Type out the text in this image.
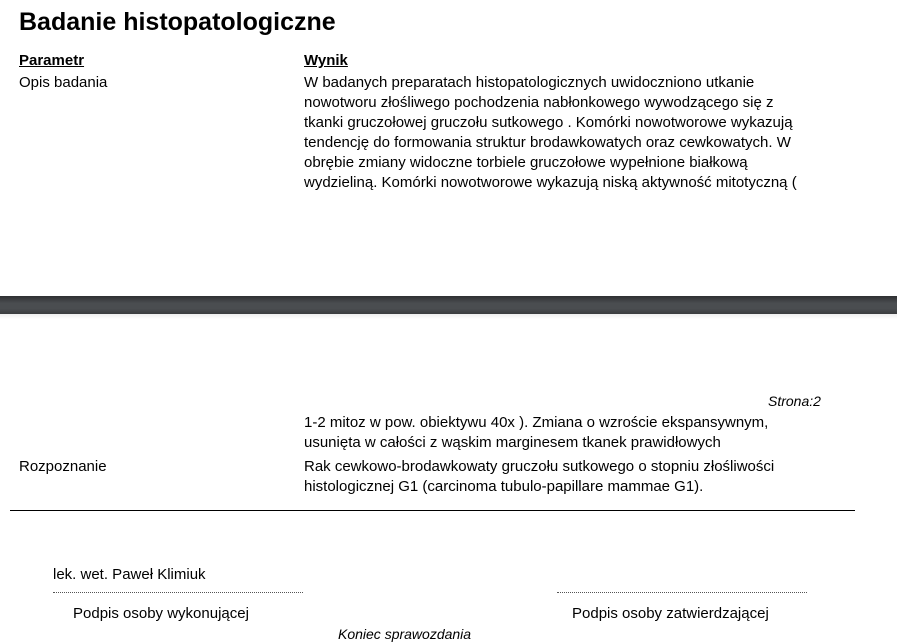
Badanie histopatologiczne
Parametr	Wynik
Opis badania	W badanych preparatach histopatologicznych uwidoczniono utkanie
nowotworu złośliwego pochodzenia nabłonkowego wywodzącego się z
tkanki gruczołowej gruczołu sutkowego . Komórki nowotworowe wykazują
tendencję do formowania struktur brodawkowatych oraz cewkowatych. W
obrębie zmiany widoczne torbiele gruczołowe wypełnione białkową
wydzieliną. Komórki nowotworowe wykazują niską aktywność mitotyczną (
Strona:2
1-2 mitoz w pow. obiektywu 40x ). Zmiana o wzroście ekspansywnym,
usunięta w całości z wąskim marginesem tkanek prawidłowych
Rozpoznanie	Rak cewkowo-brodawkowaty gruczołu sutkowego o stopniu złośliwości
histologicznej G1 (carcinoma tubulo-papillare mammae G1).
lek. wet. Paweł Klimiuk
Podpis osoby wykonującej	Podpis osoby zatwierdzającej
Koniec sprawozdania
